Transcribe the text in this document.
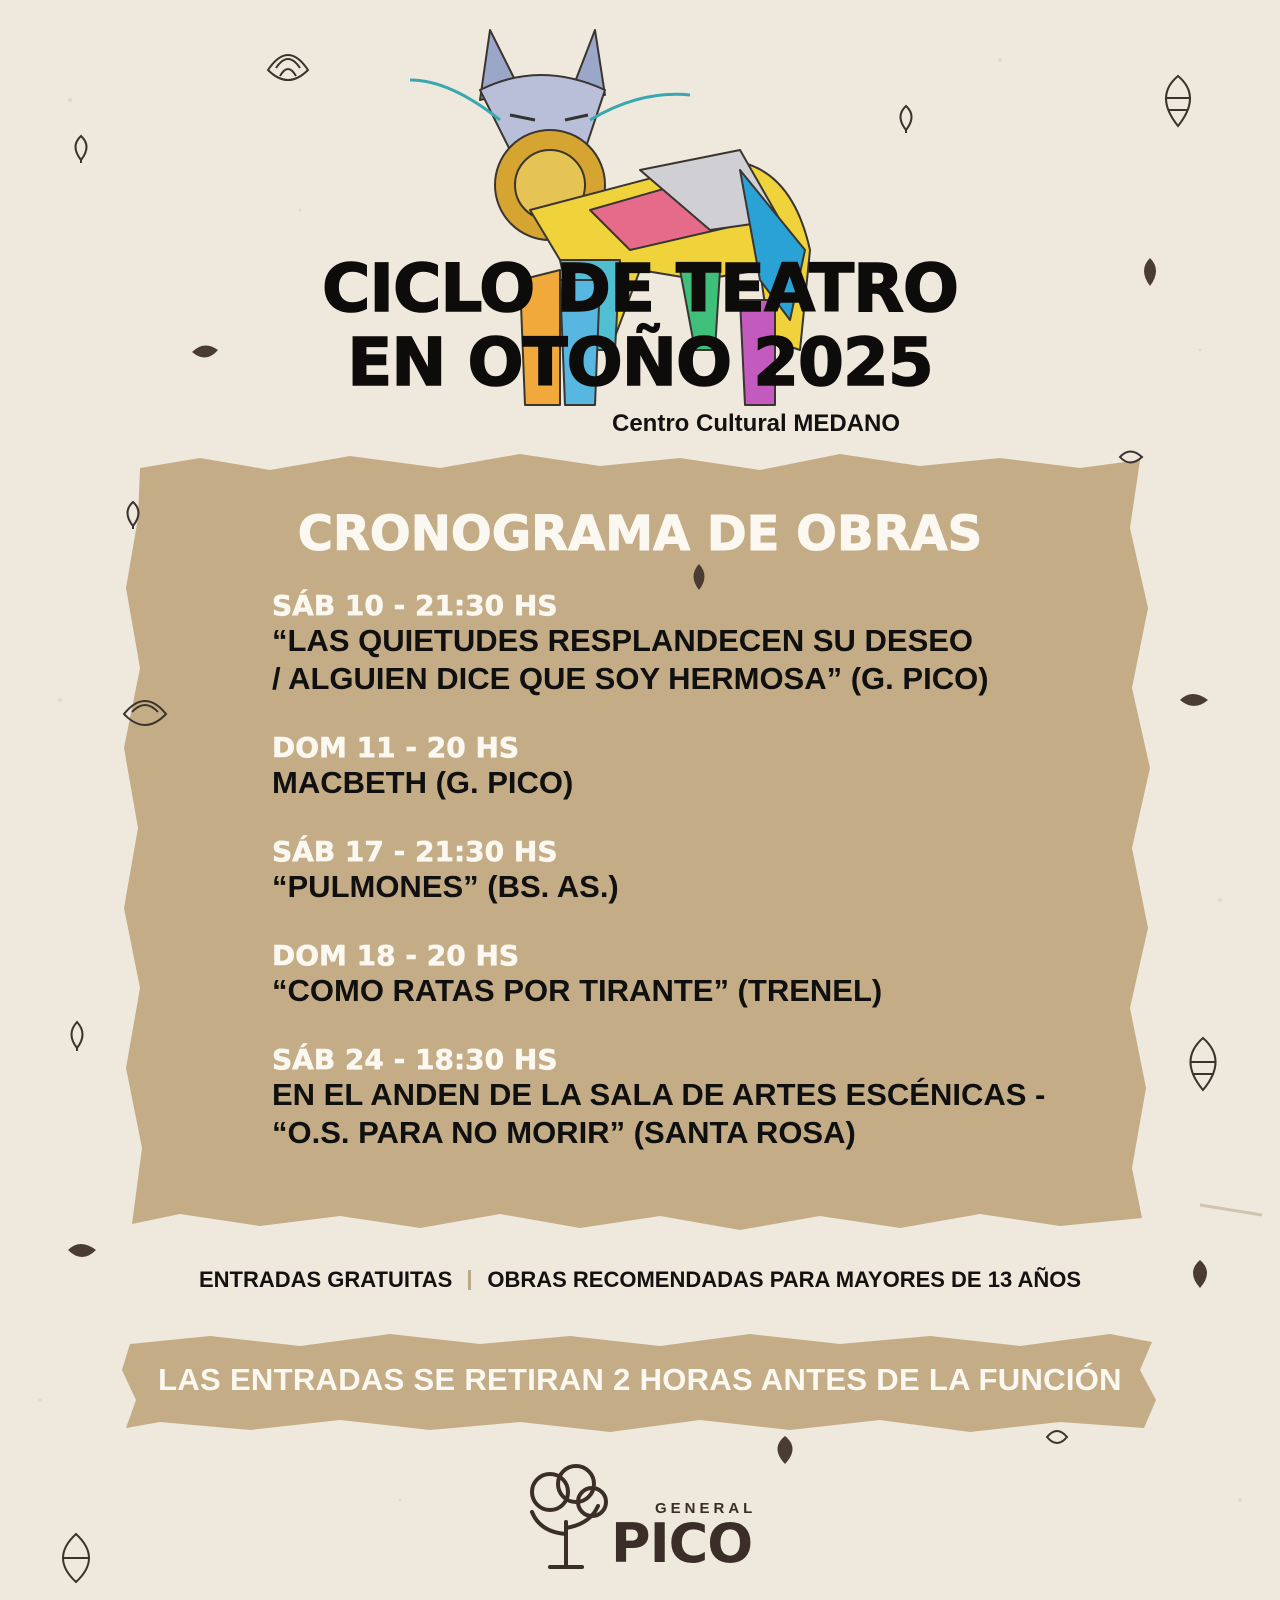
CICLO DE TEATRO
EN OTOÑO 2025
Centro Cultural MEDANO
CRONOGRAMA DE OBRAS
SÁB 10 - 21:30 HS
“LAS QUIETUDES RESPLANDECEN SU DESEO
/ ALGUIEN DICE QUE SOY HERMOSA” (G. PICO)
DOM 11 - 20 HS
MACBETH (G. PICO)
SÁB 17 - 21:30 HS
“PULMONES” (BS. AS.)
DOM 18 - 20 HS
“COMO RATAS POR TIRANTE” (TRENEL)
SÁB 24 - 18:30 HS
EN EL ANDEN DE LA SALA DE ARTES ESCÉNICAS -
“O.S. PARA NO MORIR” (SANTA ROSA)
ENTRADAS GRATUITAS OBRAS RECOMENDADAS PARA MAYORES DE 13 AÑOS
LAS ENTRADAS SE RETIRAN 2 HORAS ANTES DE LA FUNCIÓN
GENERAL
PICO
